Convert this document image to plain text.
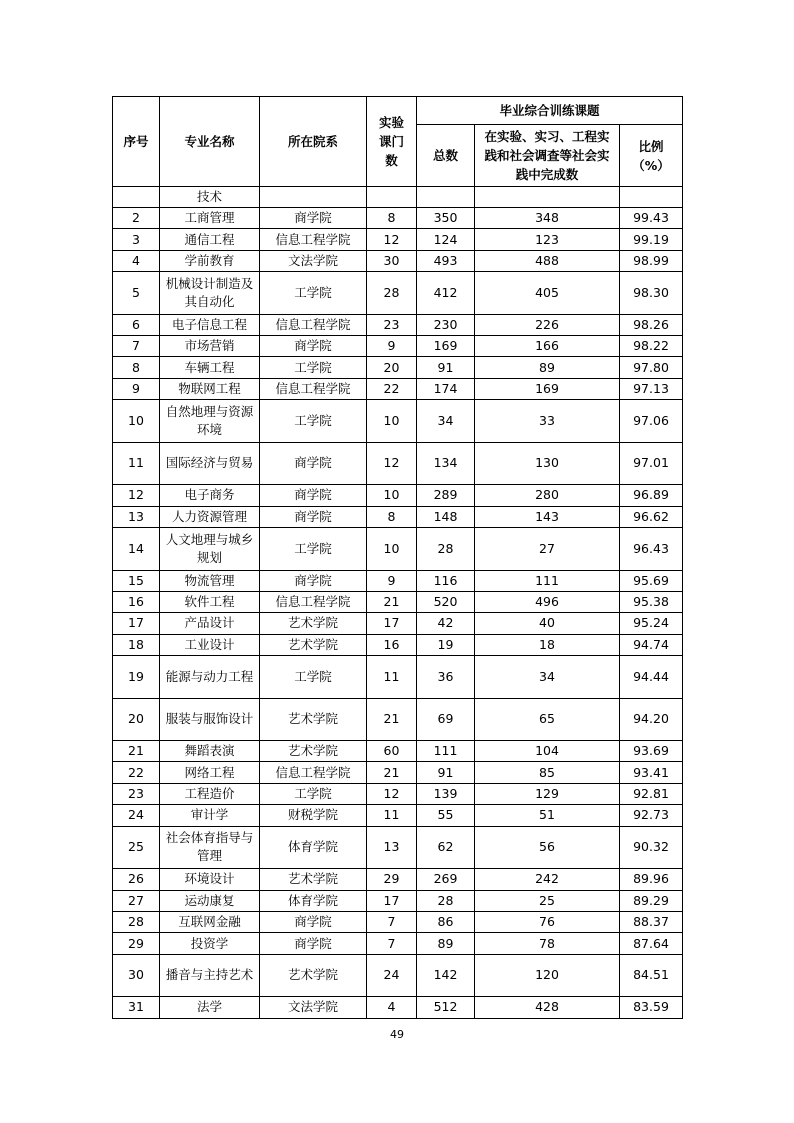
序号	专业名称	所在院系	实验课门数	毕业综合训练课题		
				总数	在实验、实习、工程实践和社会调查等社会实践中完成数	比例（%）
	技术					
2	工商管理	商学院	8	350	348	99.43
3	通信工程	信息工程学院	12	124	123	99.19
4	学前教育	文法学院	30	493	488	98.99
5	机械设计制造及其自动化	工学院	28	412	405	98.30
6	电子信息工程	信息工程学院	23	230	226	98.26
7	市场营销	商学院	9	169	166	98.22
8	车辆工程	工学院	20	91	89	97.80
9	物联网工程	信息工程学院	22	174	169	97.13
10	自然地理与资源环境	工学院	10	34	33	97.06
11	国际经济与贸易	商学院	12	134	130	97.01
12	电子商务	商学院	10	289	280	96.89
13	人力资源管理	商学院	8	148	143	96.62
14	人文地理与城乡规划	工学院	10	28	27	96.43
15	物流管理	商学院	9	116	111	95.69
16	软件工程	信息工程学院	21	520	496	95.38
17	产品设计	艺术学院	17	42	40	95.24
18	工业设计	艺术学院	16	19	18	94.74
19	能源与动力工程	工学院	11	36	34	94.44
20	服装与服饰设计	艺术学院	21	69	65	94.20
21	舞蹈表演	艺术学院	60	111	104	93.69
22	网络工程	信息工程学院	21	91	85	93.41
23	工程造价	工学院	12	139	129	92.81
24	审计学	财税学院	11	55	51	92.73
25	社会体育指导与管理	体育学院	13	62	56	90.32
26	环境设计	艺术学院	29	269	242	89.96
27	运动康复	体育学院	17	28	25	89.29
28	互联网金融	商学院	7	86	76	88.37
29	投资学	商学院	7	89	78	87.64
30	播音与主持艺术	艺术学院	24	142	120	84.51
31	法学	文法学院	4	512	428	83.59
49
